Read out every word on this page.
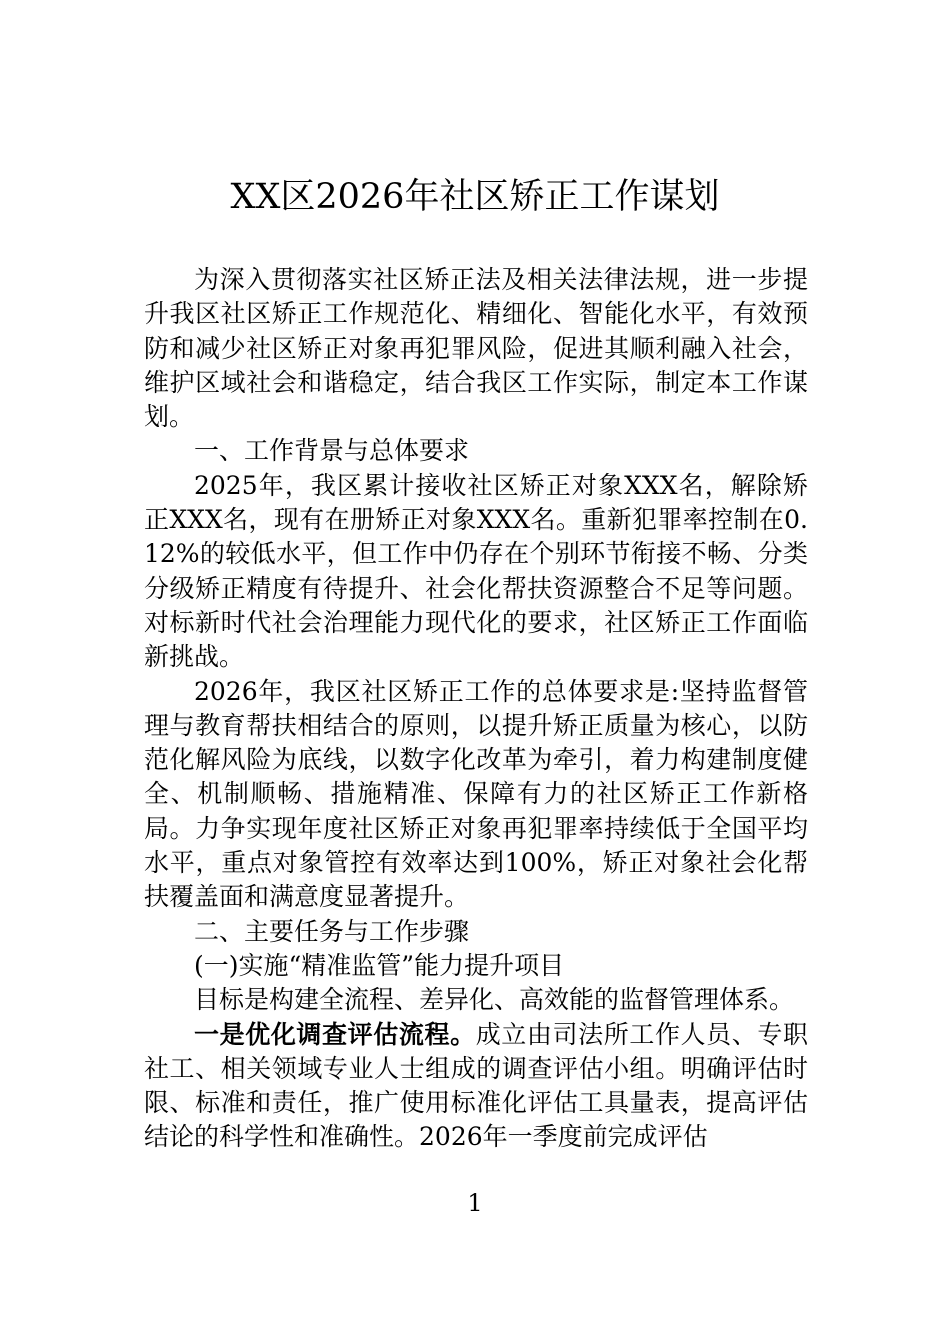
XX区2026年社区矫正工作谋划

为深入贯彻落实社区矫正法及相关法律法规，进一步提升我区社区矫正工作规范化、精细化、智能化水平，有效预防和减少社区矫正对象再犯罪风险，促进其顺利融入社会，维护区域社会和谐稳定，结合我区工作实际，制定本工作谋划。

一、工作背景与总体要求

2025年，我区累计接收社区矫正对象XXX名，解除矫正XXX名，现有在册矫正对象XXX名。重新犯罪率控制在0.12%的较低水平，但工作中仍存在个别环节衔接不畅、分类分级矫正精度有待提升、社会化帮扶资源整合不足等问题。对标新时代社会治理能力现代化的要求，社区矫正工作面临新挑战。

2026年，我区社区矫正工作的总体要求是:坚持监督管理与教育帮扶相结合的原则，以提升矫正质量为核心，以防范化解风险为底线，以数字化改革为牵引，着力构建制度健全、机制顺畅、措施精准、保障有力的社区矫正工作新格局。力争实现年度社区矫正对象再犯罪率持续低于全国平均水平，重点对象管控有效率达到100%，矫正对象社会化帮扶覆盖面和满意度显著提升。

二、主要任务与工作步骤

(一)实施“精准监管”能力提升项目

目标是构建全流程、差异化、高效能的监督管理体系。

一是优化调查评估流程。成立由司法所工作人员、专职社工、相关领域专业人士组成的调查评估小组。明确评估时限、标准和责任，推广使用标准化评估工具量表，提高评估结论的科学性和准确性。2026年一季度前完成评估

1
